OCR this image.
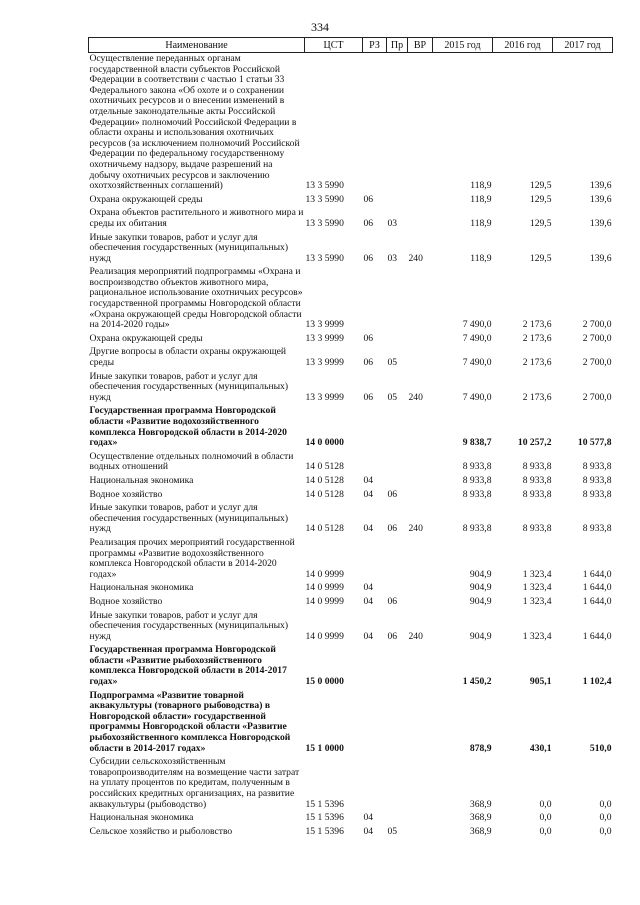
334
Наименование	ЦСТ	РЗ	Пр	ВР	2015 год	2016 год	2017 год
Осуществление переданных органам государственной власти субъектов Российской Федерации в соответствии с частью 1 статьи 33 Федерального закона «Об охоте и о сохранении охотничьих ресурсов и о внесении изменений в отдельные законодательные акты Российской Федерации» полномочий Российской Федерации в области охраны и использования охотничьих ресурсов (за исключением полномочий Российской Федерации по федеральному государственному охотничьему надзору, выдаче разрешений на добычу охотничьих ресурсов и заключению охотхозяйственных соглашений)	13 3 5990				118,9	129,5	139,6
Охрана окружающей среды	13 3 5990	06			118,9	129,5	139,6
Охрана объектов растительного и животного мира и среды их обитания	13 3 5990	06	03		118,9	129,5	139,6
Иные закупки товаров, работ и услуг для обеспечения государственных (муниципальных) нужд	13 3 5990	06	03	240	118,9	129,5	139,6
Реализация мероприятий подпрограммы «Охрана и воспроизводство объектов животного мира, рациональное использование охотничьих ресурсов» государственной программы Новгородской области «Охрана окружающей среды Новгородской области на 2014-2020 годы»	13 3 9999				7 490,0	2 173,6	2 700,0
Охрана окружающей среды	13 3 9999	06			7 490,0	2 173,6	2 700,0
Другие вопросы в области охраны окружающей среды	13 3 9999	06	05		7 490,0	2 173,6	2 700,0
Иные закупки товаров, работ и услуг для обеспечения государственных (муниципальных) нужд	13 3 9999	06	05	240	7 490,0	2 173,6	2 700,0
Государственная программа Новгородской области «Развитие водохозяйственного комплекса Новгородской области в 2014-2020 годах»	14 0 0000				9 838,7	10 257,2	10 577,8
Осуществление отдельных полномочий в области водных отношений	14 0 5128				8 933,8	8 933,8	8 933,8
Национальная экономика	14 0 5128	04			8 933,8	8 933,8	8 933,8
Водное хозяйство	14 0 5128	04	06		8 933,8	8 933,8	8 933,8
Иные закупки товаров, работ и услуг для обеспечения государственных (муниципальных) нужд	14 0 5128	04	06	240	8 933,8	8 933,8	8 933,8
Реализация прочих мероприятий государственной программы «Развитие водохозяйственного комплекса Новгородской области в 2014-2020 годах»	14 0 9999				904,9	1 323,4	1 644,0
Национальная экономика	14 0 9999	04			904,9	1 323,4	1 644,0
Водное хозяйство	14 0 9999	04	06		904,9	1 323,4	1 644,0
Иные закупки товаров, работ и услуг для обеспечения государственных (муниципальных) нужд	14 0 9999	04	06	240	904,9	1 323,4	1 644,0
Государственная программа Новгородской области «Развитие рыбохозяйственного комплекса Новгородской области в 2014-2017 годах»	15 0 0000				1 450,2	905,1	1 102,4
Подпрограмма «Развитие товарной аквакультуры (товарного рыбоводства) в Новгородской области» государственной программы Новгородской области «Развитие рыбохозяйственного комплекса Новгородской области в 2014-2017 годах»	15 1 0000				878,9	430,1	510,0
Субсидии сельскохозяйственным товаропроизводителям на возмещение части затрат на уплату процентов по кредитам, полученным в российских кредитных организациях, на развитие аквакультуры (рыбоводство)	15 1 5396				368,9	0,0	0,0
Национальная экономика	15 1 5396	04			368,9	0,0	0,0
Сельское хозяйство и рыболовство	15 1 5396	04	05		368,9	0,0	0,0
